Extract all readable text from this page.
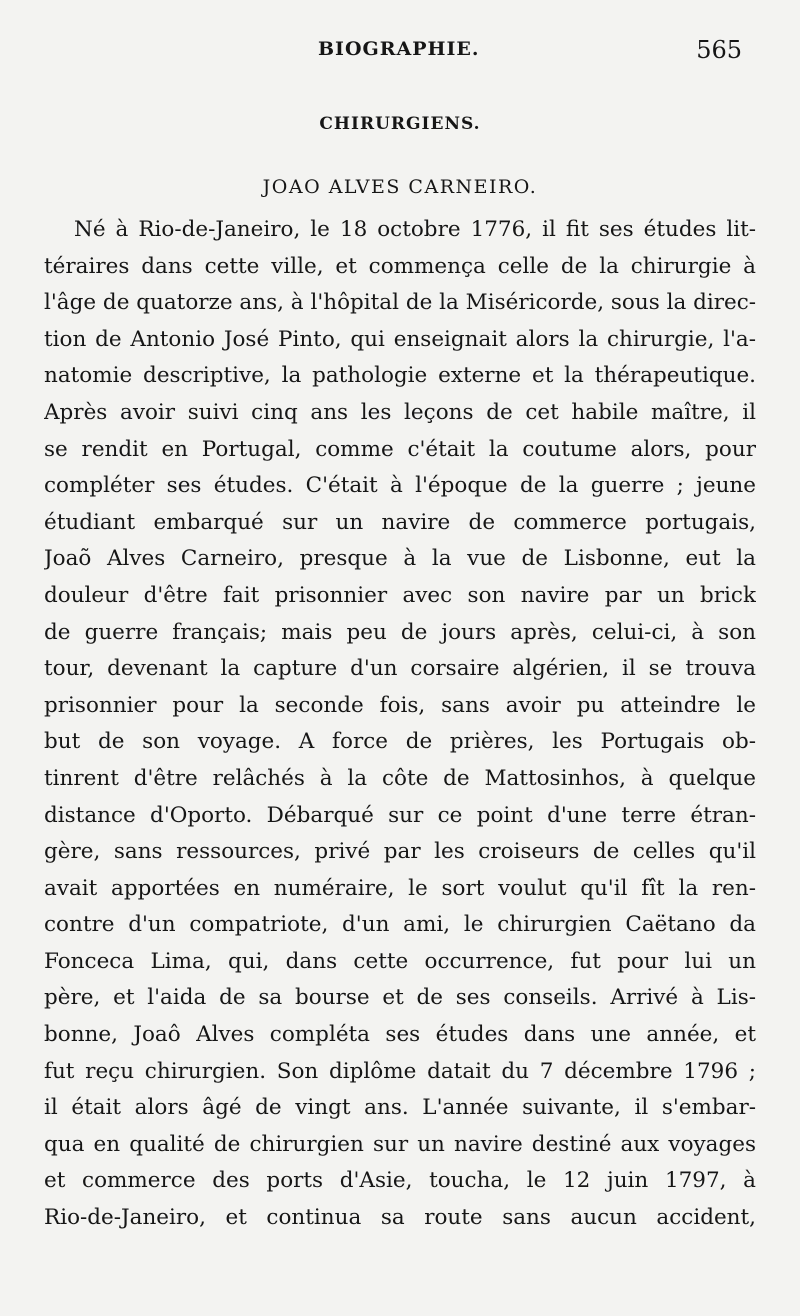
BIOGRAPHIE.	565
CHIRURGIENS.
JOAO ALVES CARNEIRO.
Né à Rio-de-Janeiro, le 18 octobre 1776, il fit ses études lit-
téraires dans cette ville, et commença celle de la chirurgie à
l'âge de quatorze ans, à l'hôpital de la Miséricorde, sous la direc-
tion de Antonio José Pinto, qui enseignait alors la chirurgie, l'a-
natomie descriptive, la pathologie externe et la thérapeutique.
Après avoir suivi cinq ans les leçons de cet habile maître, il
se rendit en Portugal, comme c'était la coutume alors, pour
compléter ses études. C'était à l'époque de la guerre ; jeune
étudiant embarqué sur un navire de commerce portugais,
Joaõ Alves Carneiro, presque à la vue de Lisbonne, eut la
douleur d'être fait prisonnier avec son navire par un brick
de guerre français; mais peu de jours après, celui-ci, à son
tour, devenant la capture d'un corsaire algérien, il se trouva
prisonnier pour la seconde fois, sans avoir pu atteindre le
but de son voyage. A force de prières, les Portugais ob-
tinrent d'être relâchés à la côte de Mattosinhos, à quelque
distance d'Oporto. Débarqué sur ce point d'une terre étran-
gère, sans ressources, privé par les croiseurs de celles qu'il
avait apportées en numéraire, le sort voulut qu'il fît la ren-
contre d'un compatriote, d'un ami, le chirurgien Caëtano da
Fonceca Lima, qui, dans cette occurrence, fut pour lui un
père, et l'aida de sa bourse et de ses conseils. Arrivé à Lis-
bonne, Joaô Alves compléta ses études dans une année, et
fut reçu chirurgien. Son diplôme datait du 7 décembre 1796 ;
il était alors âgé de vingt ans. L'année suivante, il s'embar-
qua en qualité de chirurgien sur un navire destiné aux voyages
et commerce des ports d'Asie, toucha, le 12 juin 1797, à
Rio-de-Janeiro, et continua sa route sans aucun accident,
